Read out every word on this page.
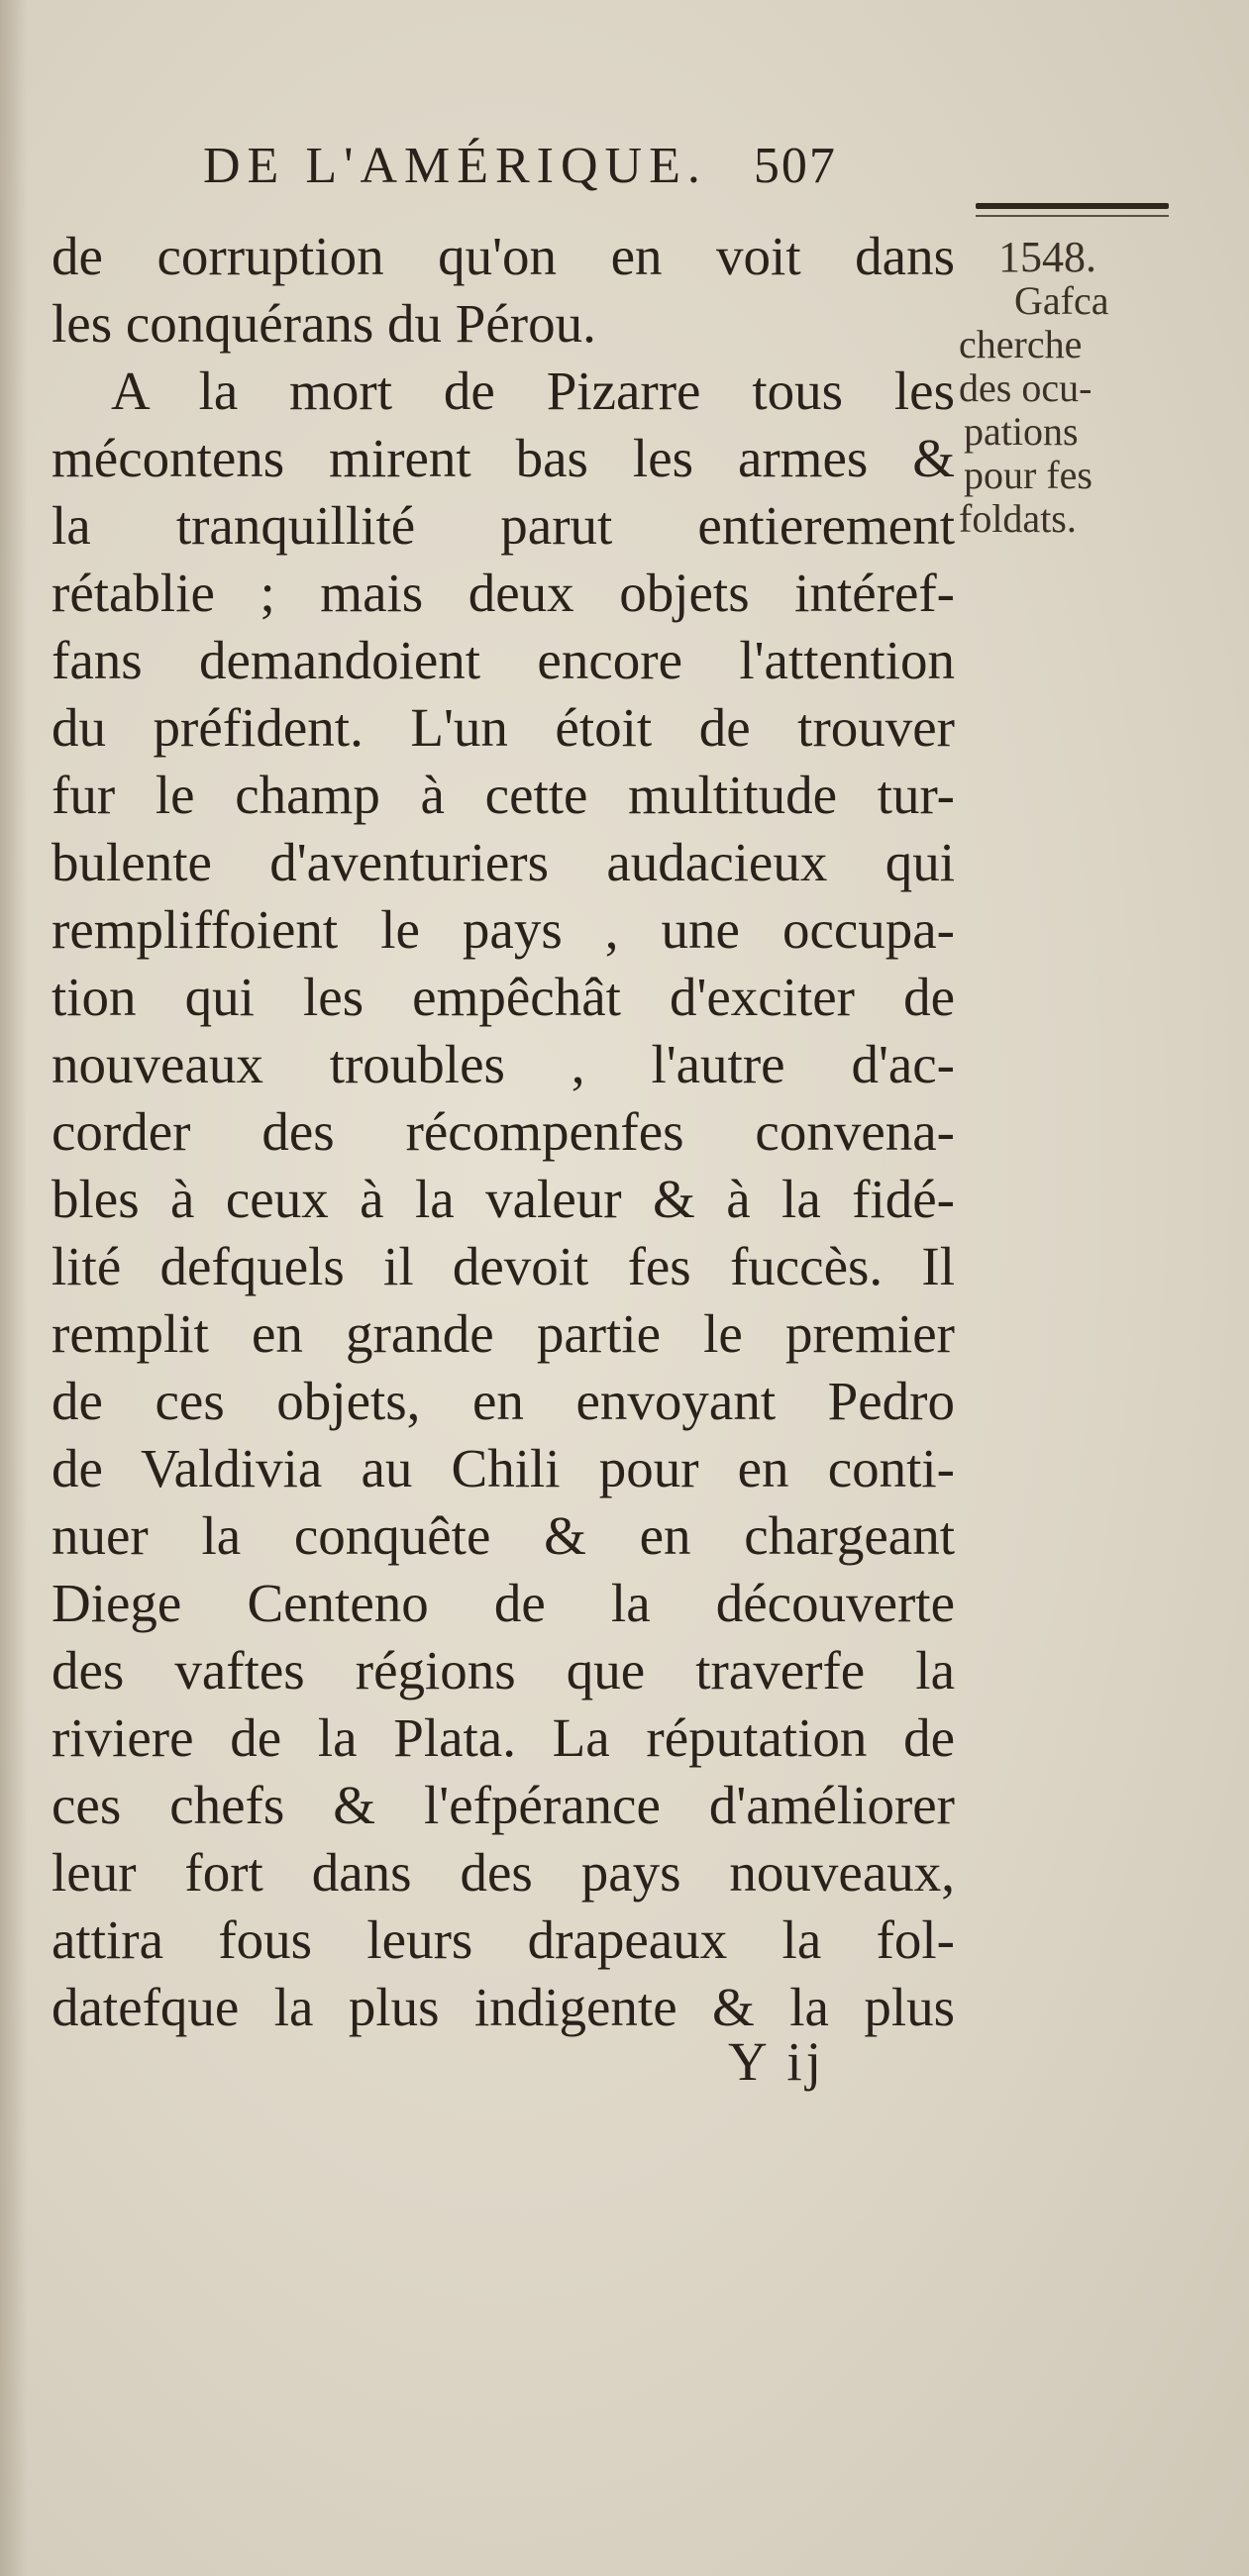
DE L'AMÉRIQUE. 507
de corruption qu'on en voit dans
les conquérans du Pérou.
A la mort de Pizarre tous les
mécontens mirent bas les armes &
la tranquillité parut entierement
rétablie ; mais deux objets intéref-
fans demandoient encore l'attention
du préfident. L'un étoit de trouver
fur le champ à cette multitude tur-
bulente d'aventuriers audacieux qui
rempliffoient le pays , une occupa-
tion qui les empêchât d'exciter de
nouveaux troubles , l'autre d'ac-
corder des récompenfes convena-
bles à ceux à la valeur & à la fidé-
lité defquels il devoit fes fuccès. Il
remplit en grande partie le premier
de ces objets, en envoyant Pedro
de Valdivia au Chili pour en conti-
nuer la conquête & en chargeant
Diege Centeno de la découverte
des vaftes régions que traverfe la
riviere de la Plata. La réputation de
ces chefs & l'efpérance d'améliorer
leur fort dans des pays nouveaux,
attira fous leurs drapeaux la fol-
datefque la plus indigente & la plus
1548.
Gafca
cherche
des ocu-
pations
pour fes
foldats.
Y ij
